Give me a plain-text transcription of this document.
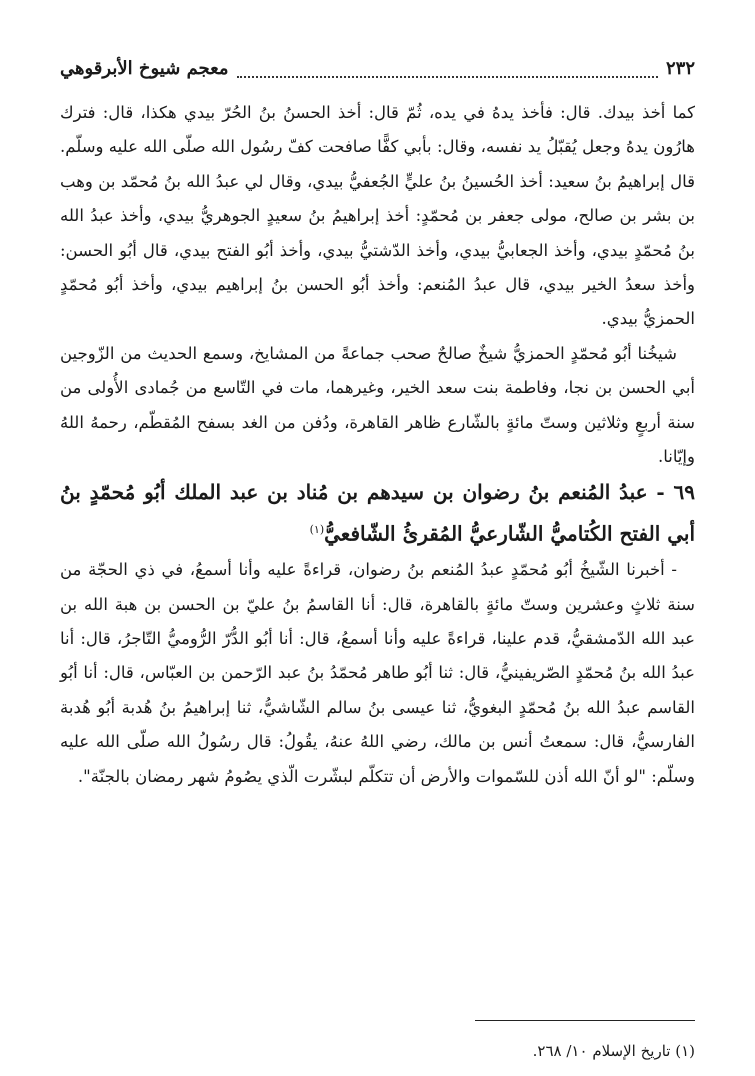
٢٣٢
معجم شيوخ الأبرقوهي

كما أخذ بيدك. قال: فأخذ يدهُ في يده، ثُمّ قال: أخذ الحسنُ بنُ الحُرّ بيدي هكذا، قال: فترك هارُون يدهُ وجعل يُقبّلُ يد نفسه، وقال: بأبي كفًّا صافحت كفّ رسُول الله صلّى الله عليه وسلّم. قال إبراهيمُ بنُ سعيد: أخذ الحُسينُ بنُ عليٍّ الجُعفيُّ بيدي، وقال لي عبدُ الله بنُ مُحمّد بن وهب بن بشر بن صالح، مولى جعفر بن مُحمّدٍ: أخذ إبراهيمُ بنُ سعيدٍ الجوهريُّ بيدي، وأخذ عبدُ الله بنُ مُحمّدٍ بيدي، وأخذ الجعابيُّ بيدي، وأخذ الدّشتيُّ بيدي، وأخذ أبُو الفتح بيدي، قال أبُو الحسن: وأخذ سعدُ الخير بيدي، قال عبدُ المُنعم: وأخذ أبُو الحسن بنُ إبراهيم بيدي، وأخذ أبُو مُحمّدٍ الحمزيُّ بيدي.

شيخُنا أبُو مُحمّدٍ الحمزيُّ شيخٌ صالحٌ صحب جماعةً من المشايخ، وسمع الحديث من الزّوجين أبي الحسن بن نجا، وفاطمة بنت سعد الخير، وغيرهما، مات في التّاسع من جُمادى الأُولى من سنة أربعٍ وثلاثين وستّ مائةٍ بالشّارع ظاهر القاهرة، ودُفن من الغد بسفح المُقطّم، رحمهُ اللهُ وإيّانا.

٦٩ - عبدُ المُنعم بنُ رضوان بن سيدهم بن مُناد بن عبد الملك أبُو مُحمّدٍ بنُ أبي الفتح الكُتاميُّ الشّارعيُّ المُقرئُ الشّافعيُّ$^{(١)}$

- أخبرنا الشّيخُ أبُو مُحمّدٍ عبدُ المُنعم بنُ رضوان، قراءةً عليه وأنا أسمعُ، في ذي الحجّة من سنة ثلاثٍ وعشرين وستّ مائةٍ بالقاهرة، قال: أنا القاسمُ بنُ عليّ بن الحسن بن هبة الله بن عبد الله الدّمشقيُّ، قدم علينا، قراءةً عليه وأنا أسمعُ، قال: أنا أبُو الدُّرّ الرُّوميُّ التّاجرُ، قال: أنا عبدُ الله بنُ مُحمّدٍ الصّريفينيُّ، قال: ثنا أبُو طاهر مُحمّدُ بنُ عبد الرّحمن بن العبّاس، قال: أنا أبُو القاسم عبدُ الله بنُ مُحمّدٍ البغويُّ، ثنا عيسى بنُ سالم الشّاشيُّ، ثنا إبراهيمُ بنُ هُدبة أبُو هُدبة الفارسيُّ، قال: سمعتُ أنس بن مالك، رضي اللهُ عنهُ، يقُولُ: قال رسُولُ الله صلّى الله عليه وسلّم: "لو أنّ الله أذن للسّموات والأرض أن تتكلّم لبشّرت الّذي يصُومُ شهر رمضان بالجنّة".

(١) تاريخ الإسلام ١٠/ ٢٦٨.
